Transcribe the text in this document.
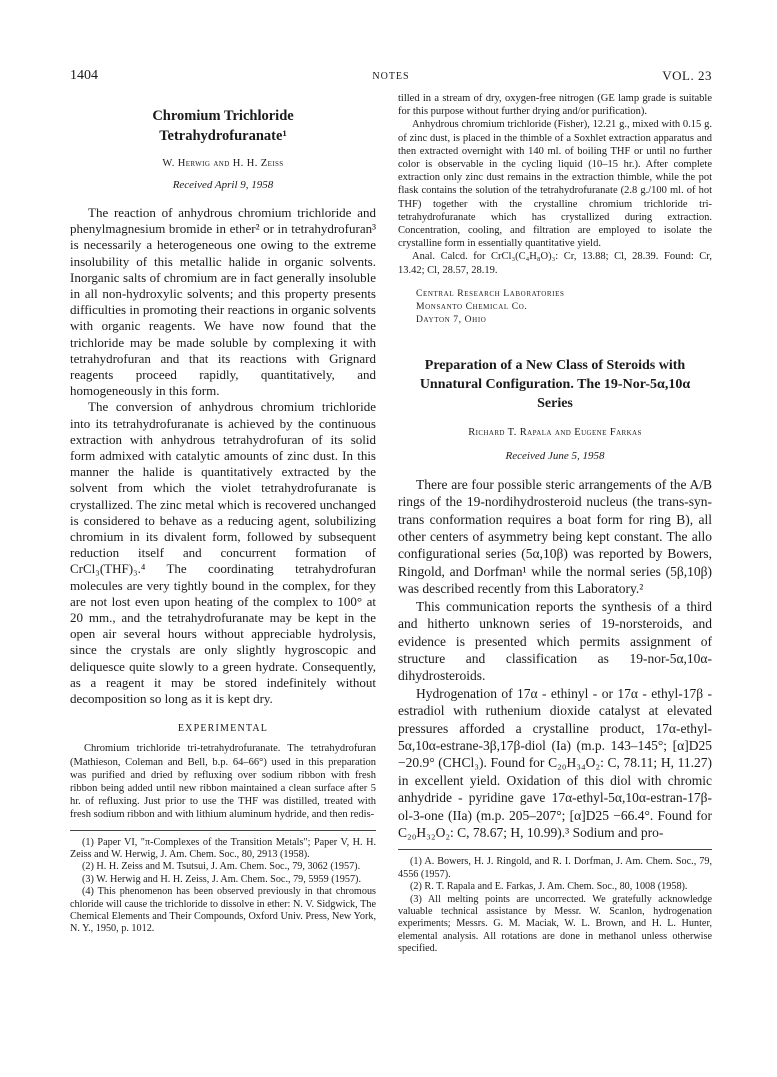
1404	NOTES	VOL. 23
Chromium Trichloride
Tetrahydrofuranate¹
W. Herwig and H. H. Zeiss
Received April 9, 1958

The reaction of anhydrous chromium trichloride and phenylmagnesium bromide in ether² or in tetrahydrofuran³ is necessarily a heterogeneous one owing to the extreme insolubility of this metallic halide in organic solvents. Inorganic salts of chromium are in fact generally insoluble in all non-hydroxylic solvents; and this property presents difficulties in promoting their reactions in organic solvents with organic reagents. We have now found that the trichloride may be made soluble by complexing it with tetrahydrofuran and that its reactions with Grignard reagents proceed rapidly, quantitatively, and homogeneously in this form.

The conversion of anhydrous chromium trichloride into its tetrahydrofuranate is achieved by the continuous extraction with anhydrous tetrahydrofuran of its solid form admixed with catalytic amounts of zinc dust. In this manner the halide is quantitatively extracted by the solvent from which the violet tetrahydrofuranate is crystallized. The zinc metal which is recovered unchanged is considered to behave as a reducing agent, solubilizing chromium in its divalent form, followed by subsequent reduction itself and concurrent formation of CrCl₃(THF)₃.⁴ The coordinating tetrahydrofuran molecules are very tightly bound in the complex, for they are not lost even upon heating of the complex to 100° at 20 mm., and the tetrahydrofuranate may be kept in the open air several hours without appreciable hydrolysis, since the crystals are only slightly hygroscopic and deliquesce quite slowly to a green hydrate. Consequently, as a reagent it may be stored indefinitely without decomposition so long as it is kept dry.

EXPERIMENTAL

Chromium trichloride tri-tetrahydrofuranate. The tetrahydrofuran (Mathieson, Coleman and Bell, b.p. 64–66°) used in this preparation was purified and dried by refluxing over sodium ribbon with fresh ribbon being added until new ribbon maintained a clean surface after 5 hr. of refluxing. Just prior to use the THF was distilled, treated with fresh sodium ribbon and with lithium aluminum hydride, and then redis-

(1) Paper VI, "π-Complexes of the Transition Metals"; Paper V, H. H. Zeiss and W. Herwig, J. Am. Chem. Soc., 80, 2913 (1958).

(2) H. H. Zeiss and M. Tsutsui, J. Am. Chem. Soc., 79, 3062 (1957).

(3) W. Herwig and H. H. Zeiss, J. Am. Chem. Soc., 79, 5959 (1957).

(4) This phenomenon has been observed previously in that chromous chloride will cause the trichloride to dissolve in ether: N. V. Sidgwick, The Chemical Elements and Their Compounds, Oxford Univ. Press, New York, N. Y., 1950, p. 1012.

tilled in a stream of dry, oxygen-free nitrogen (GE lamp grade is suitable for this purpose without further drying and/or purification).

Anhydrous chromium trichloride (Fisher), 12.21 g., mixed with 0.15 g. of zinc dust, is placed in the thimble of a Soxhlet extraction apparatus and then extracted overnight with 140 ml. of boiling THF or until no further color is observable in the cycling liquid (10–15 hr.). After complete extraction only zinc dust remains in the extraction thimble, while the pot flask contains the solution of the tetrahydrofuranate (2.8 g./100 ml. of hot THF) together with the crystalline chromium trichloride tri-tetrahydrofuranate which has crystallized during extraction. Concentration, cooling, and filtration are employed to isolate the crystalline form in essentially quantitative yield.

Anal. Calcd. for CrCl₃(C₄H₈O)₃: Cr, 13.88; Cl, 28.39. Found: Cr, 13.42; Cl, 28.57, 28.19.

Central Research Laboratories
Monsanto Chemical Co.
Dayton 7, Ohio
Preparation of a New Class of Steroids with
Unnatural Configuration. The 19-Nor-5α,10α
Series
Richard T. Rapala and Eugene Farkas
Received June 5, 1958

There are four possible steric arrangements of the A/B rings of the 19-nordihydrosteroid nucleus (the trans-syn-trans conformation requires a boat form for ring B), all other centers of asymmetry being kept constant. The allo configurational series (5α,10β) was reported by Bowers, Ringold, and Dorfman¹ while the normal series (5β,10β) was described recently from this Laboratory.²

This communication reports the synthesis of a third and hitherto unknown series of 19-norsteroids, and evidence is presented which permits assignment of structure and classification as 19-nor-5α,10α-dihydrosteroids.

Hydrogenation of 17α - ethinyl - or 17α - ethyl-17β - estradiol with ruthenium dioxide catalyst at elevated pressures afforded a crystalline product, 17α-ethyl-5α,10α-estrane-3β,17β-diol (Ia) (m.p. 143–145°; [α]D25 −20.9° (CHCl₃). Found for C₂₀H₃₄O₂: C, 78.11; H, 11.27) in excellent yield. Oxidation of this diol with chromic anhydride - pyridine gave 17α-ethyl-5α,10α-estran-17β-ol-3-one (IIa) (m.p. 205–207°; [α]D25 −66.4°. Found for C₂₀H₃₂O₂: C, 78.67; H, 10.99).³ Sodium and pro-

(1) A. Bowers, H. J. Ringold, and R. I. Dorfman, J. Am. Chem. Soc., 79, 4556 (1957).

(2) R. T. Rapala and E. Farkas, J. Am. Chem. Soc., 80, 1008 (1958).

(3) All melting points are uncorrected. We gratefully acknowledge valuable technical assistance by Messr. W. Scanlon, hydrogenation experiments; Messrs. G. M. Maciak, W. L. Brown, and H. L. Hunter, elemental analysis. All rotations are done in methanol unless otherwise specified.
